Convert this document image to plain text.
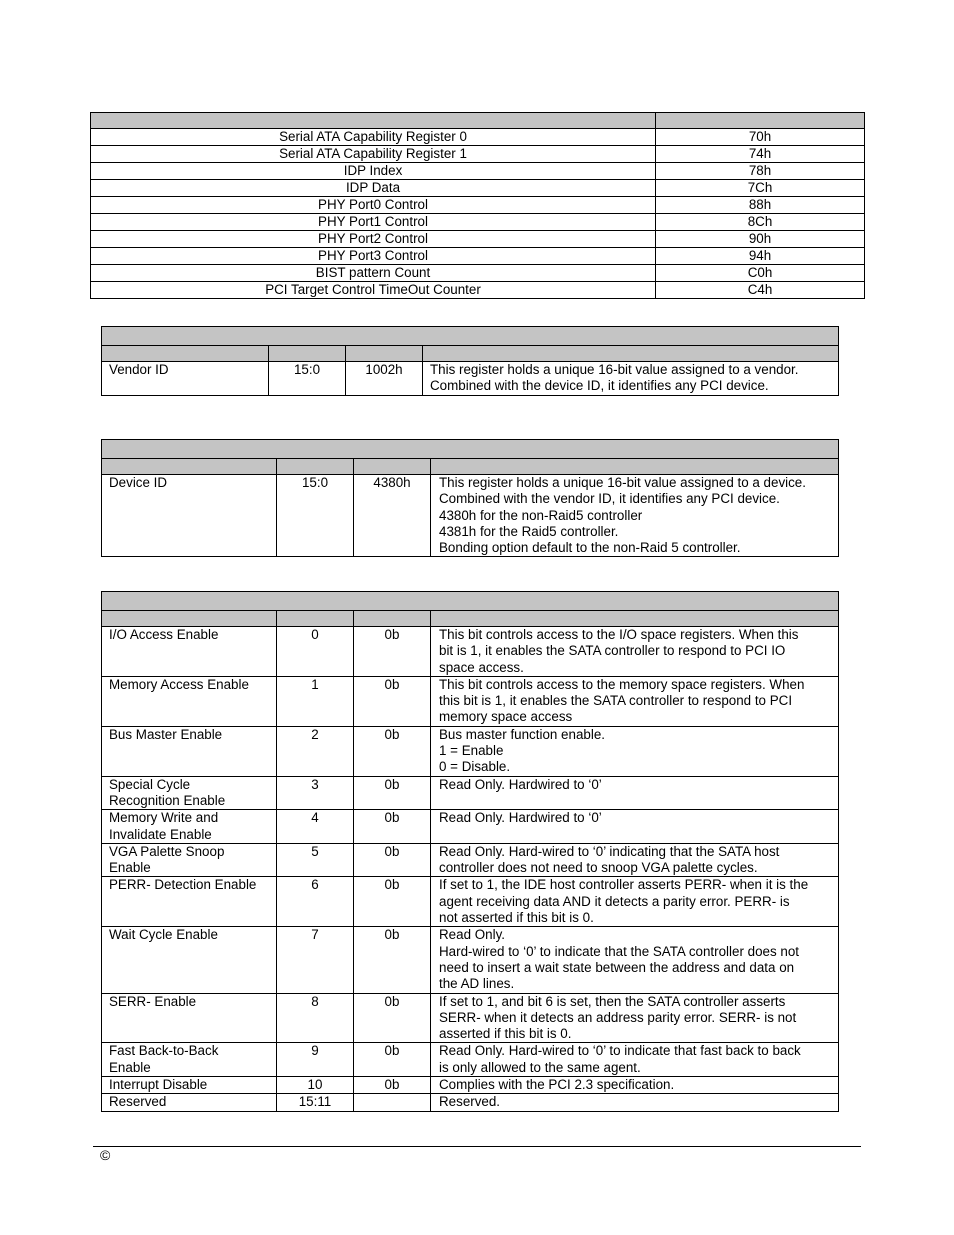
Serial ATA Capability Register 0	70h
Serial ATA Capability Register 1	74h
IDP Index	78h
IDP Data	7Ch
PHY Port0 Control	88h
PHY Port1 Control	8Ch
PHY Port2 Control	90h
PHY Port3 Control	94h
BIST pattern Count	C0h
PCI Target Control TimeOut Counter	C4h

Vendor ID	15:0	1002h	This register holds a unique 16-bit value assigned to a vendor.
Combined with the device ID, it identifies any PCI device.

Device ID	15:0	4380h	This register holds a unique 16-bit value assigned to a device.
Combined with the vendor ID, it identifies any PCI device.
4380h for the non-Raid5 controller
4381h for the Raid5 controller.
Bonding option default to the non-Raid 5 controller.

I/O Access Enable	0	0b	This bit controls access to the I/O space registers. When this
bit is 1, it enables the SATA controller to respond to PCI IO
space access.

Memory Access Enable	1	0b	This bit controls access to the memory space registers. When
this bit is 1, it enables the SATA controller to respond to PCI
memory space access

Bus Master Enable	2	0b	Bus master function enable.
1 = Enable
0 = Disable.

Special Cycle
Recognition Enable	3	0b	Read Only. Hardwired to ‘0’

Memory Write and
Invalidate Enable	4	0b	Read Only. Hardwired to ‘0’

VGA Palette Snoop
Enable	5	0b	Read Only. Hard-wired to ‘0’ indicating that the SATA host
controller does not need to snoop VGA palette cycles.

PERR- Detection Enable	6	0b	If set to 1, the IDE host controller asserts PERR- when it is the
agent receiving data AND it detects a parity error. PERR- is
not asserted if this bit is 0.

Wait Cycle Enable	7	0b	Read Only.
Hard-wired to ‘0’ to indicate that the SATA controller does not
need to insert a wait state between the address and data on
the AD lines.

SERR- Enable	8	0b	If set to 1, and bit 6 is set, then the SATA controller asserts
SERR- when it detects an address parity error. SERR- is not
asserted if this bit is 0.

Fast Back-to-Back
Enable	9	0b	Read Only. Hard-wired to ‘0’ to indicate that fast back to back
is only allowed to the same agent.

Interrupt Disable	10	0b	Complies with the PCI 2.3 specification.

Reserved	15:11		Reserved.
©
